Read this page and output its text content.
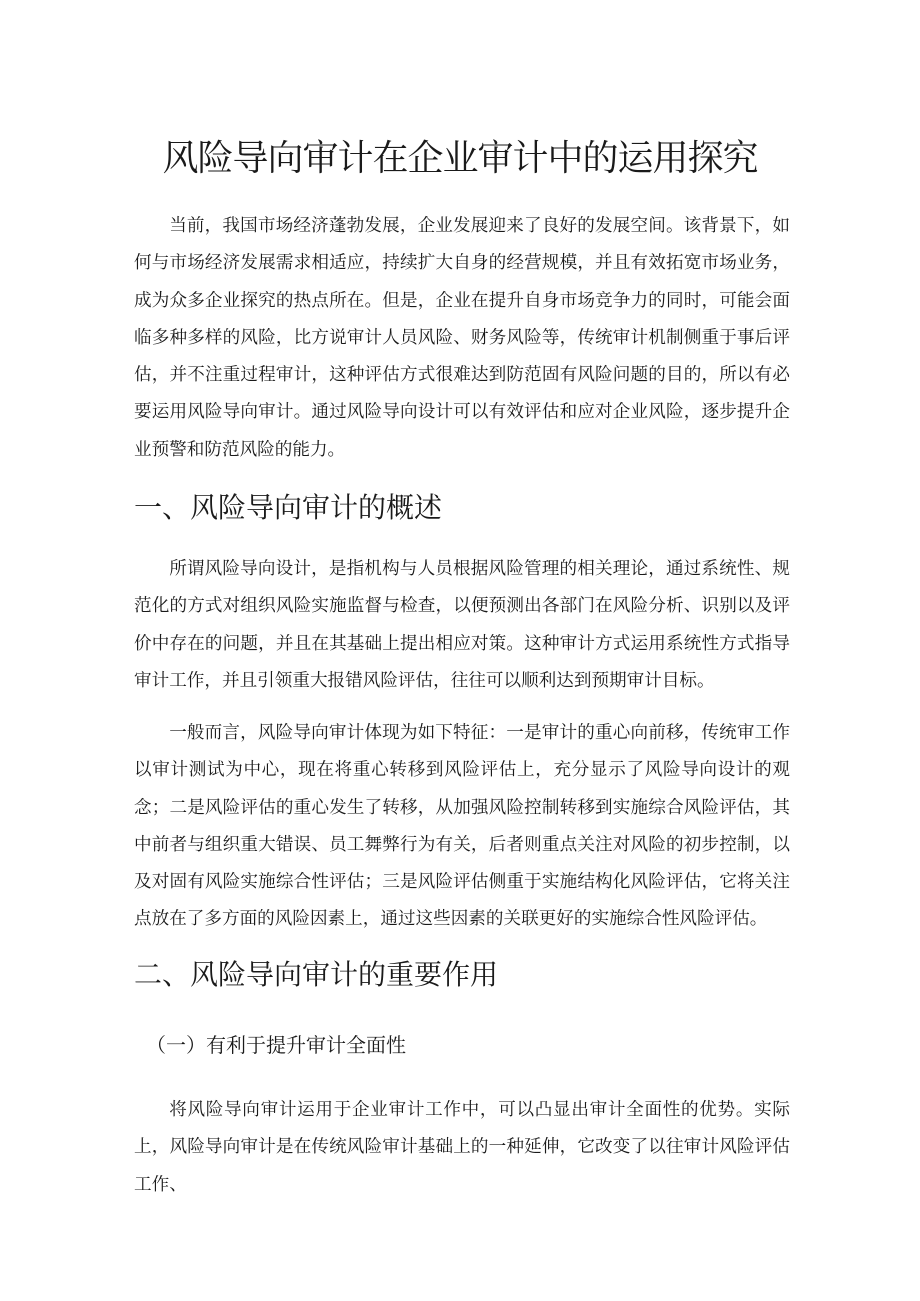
风险导向审计在企业审计中的运用探究

当前，我国市场经济蓬勃发展，企业发展迎来了良好的发展空间。该背景下，如何与市场经济发展需求相适应，持续扩大自身的经营规模，并且有效拓宽市场业务，成为众多企业探究的热点所在。但是，企业在提升自身市场竞争力的同时，可能会面临多种多样的风险，比方说审计人员风险、财务风险等，传统审计机制侧重于事后评估，并不注重过程审计，这种评估方式很难达到防范固有风险问题的目的，所以有必要运用风险导向审计。通过风险导向设计可以有效评估和应对企业风险，逐步提升企业预警和防范风险的能力。

一、风险导向审计的概述

所谓风险导向设计，是指机构与人员根据风险管理的相关理论，通过系统性、规范化的方式对组织风险实施监督与检查，以便预测出各部门在风险分析、识别以及评价中存在的问题，并且在其基础上提出相应对策。这种审计方式运用系统性方式指导审计工作，并且引领重大报错风险评估，往往可以顺利达到预期审计目标。

一般而言，风险导向审计体现为如下特征：一是审计的重心向前移，传统审工作以审计测试为中心，现在将重心转移到风险评估上，充分显示了风险导向设计的观念；二是风险评估的重心发生了转移，从加强风险控制转移到实施综合风险评估，其中前者与组织重大错误、员工舞弊行为有关，后者则重点关注对风险的初步控制，以及对固有风险实施综合性评估；三是风险评估侧重于实施结构化风险评估，它将关注点放在了多方面的风险因素上，通过这些因素的关联更好的实施综合性风险评估。

二、风险导向审计的重要作用
（一）有利于提升审计全面性

将风险导向审计运用于企业审计工作中，可以凸显出审计全面性的优势。实际上，风险导向审计是在传统风险审计基础上的一种延伸，它改变了以往审计风险评估工作、
